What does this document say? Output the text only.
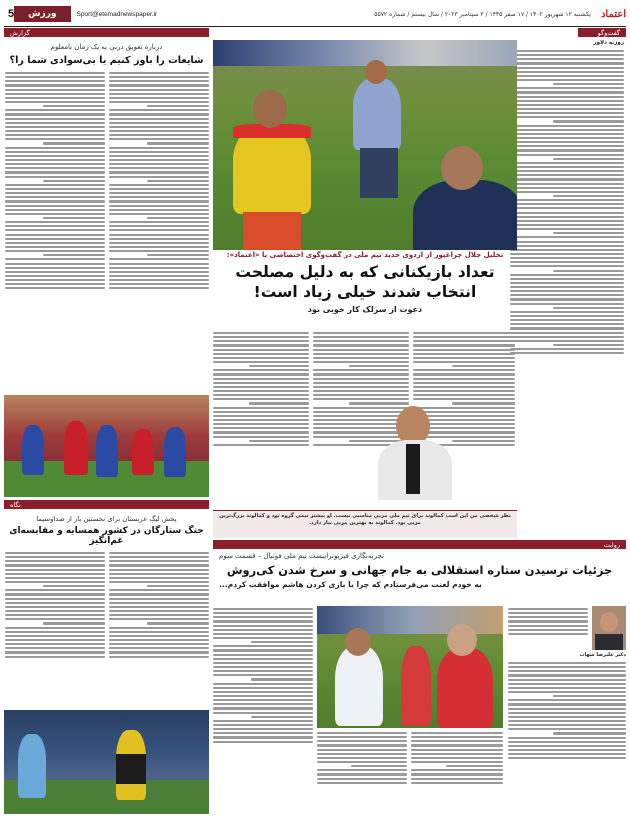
اعتماد
یکشنبه ۱۲ شهریور ۱۴۰۲ / ۱۷ صفر ۱۴۴۵ / ۳ سپتامبر ۲۰۲۳ / سال بیستم / شماره ۵۵۷۲
Sport@etemadnewspaper.ir
ورزش
5
گفت‌وگو
روزبه دلاور
تحلیل جلال چراغپور از اردوی جدید تیم ملی در گفت‌وگوی اختصاصی با «اعتماد»:
تعداد بازیکنانی که به دلیل مصلحت انتخاب شدند خیلی زیاد است!
دعوت از سرلک کار خوبی بود
نظر شخصی من این است کمالوند برای تیم ملی مربی مناسبی نیست. او بیشتر تیمی گروه بود و کمالوند بزرگ‌ترین مربی بود. کمالوند به بهترین مربی نیاز دارد.
گزارش
درباره تعویق دربی به یک زمان نامعلوم
شایعات را باور کنیم یا بی‌سوادی شما را؟
نگاه
پخش لیگ عربستان برای نخستین بار از صداوسیما
جنگ ستارگان در کشور همسایه و مقایسه‌ای غم‌انگیز	روایت
تجربه‌نگاری فیزیوتراپیست تیم ملی فوتبال – قسمت سوم
جزئیات ترسیدن ستاره استقلالی به جام جهانی و سرخ شدن کی‌روش
به خودم لعنت می‌فرستادم که چرا با بازی کردن هاشم موافقت کردم...
دکتر علیرضا شهاب
